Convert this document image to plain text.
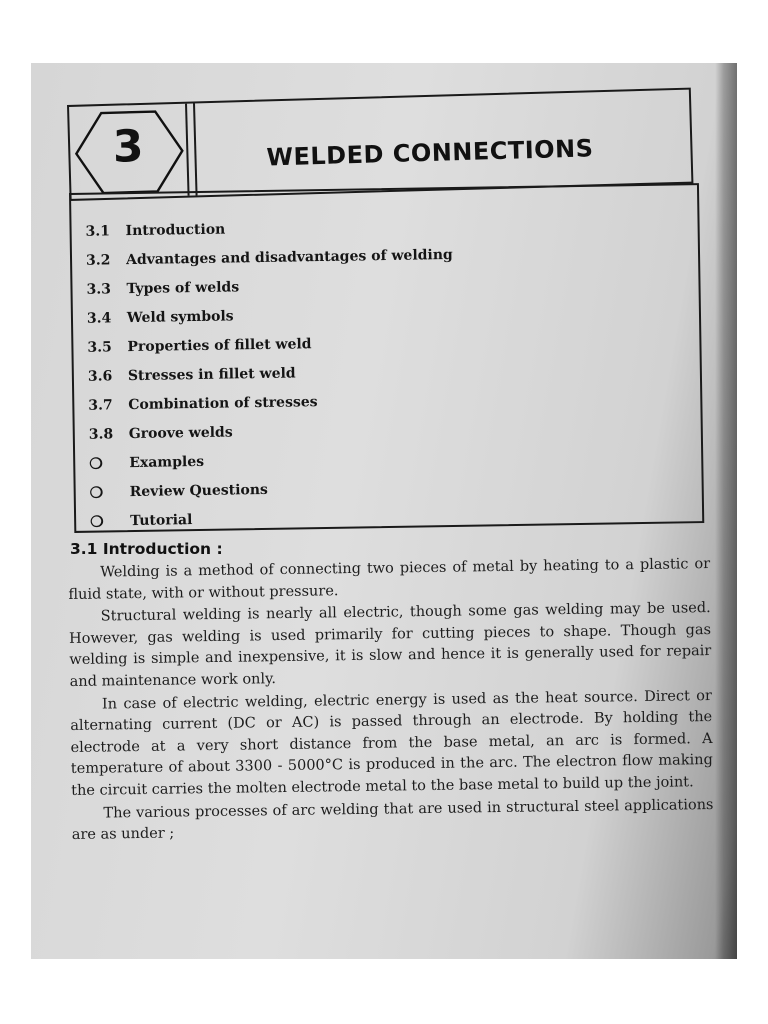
3	WELDED CONNECTIONS
3.1	Introduction
3.2	Advantages and disadvantages of welding
3.3	Types of welds
3.4	Weld symbols
3.5	Properties of fillet weld
3.6	Stresses in fillet weld
3.7	Combination of stresses
3.8	Groove welds
❍	Examples
❍	Review Questions
❍	Tutorial
3.1 Introduction :

Welding is a method of connecting two pieces of metal by heating to a plastic or fluid state, with or without pressure.

Structural welding is nearly all electric, though some gas welding may be used. However, gas welding is used primarily for cutting pieces to shape. Though gas welding is simple and inexpensive, it is slow and hence it is generally used for repair and maintenance work only.

In case of electric welding, electric energy is used as the heat source. Direct or alternating current (DC or AC) is passed through an electrode. By holding the electrode at a very short distance from the base metal, an arc is formed. A temperature of about 3300 - 5000°C is produced in the arc. The electron flow making the circuit carries the molten electrode metal to the base metal to build up the joint.

The various processes of arc welding that are used in structural steel applications are as under ;
